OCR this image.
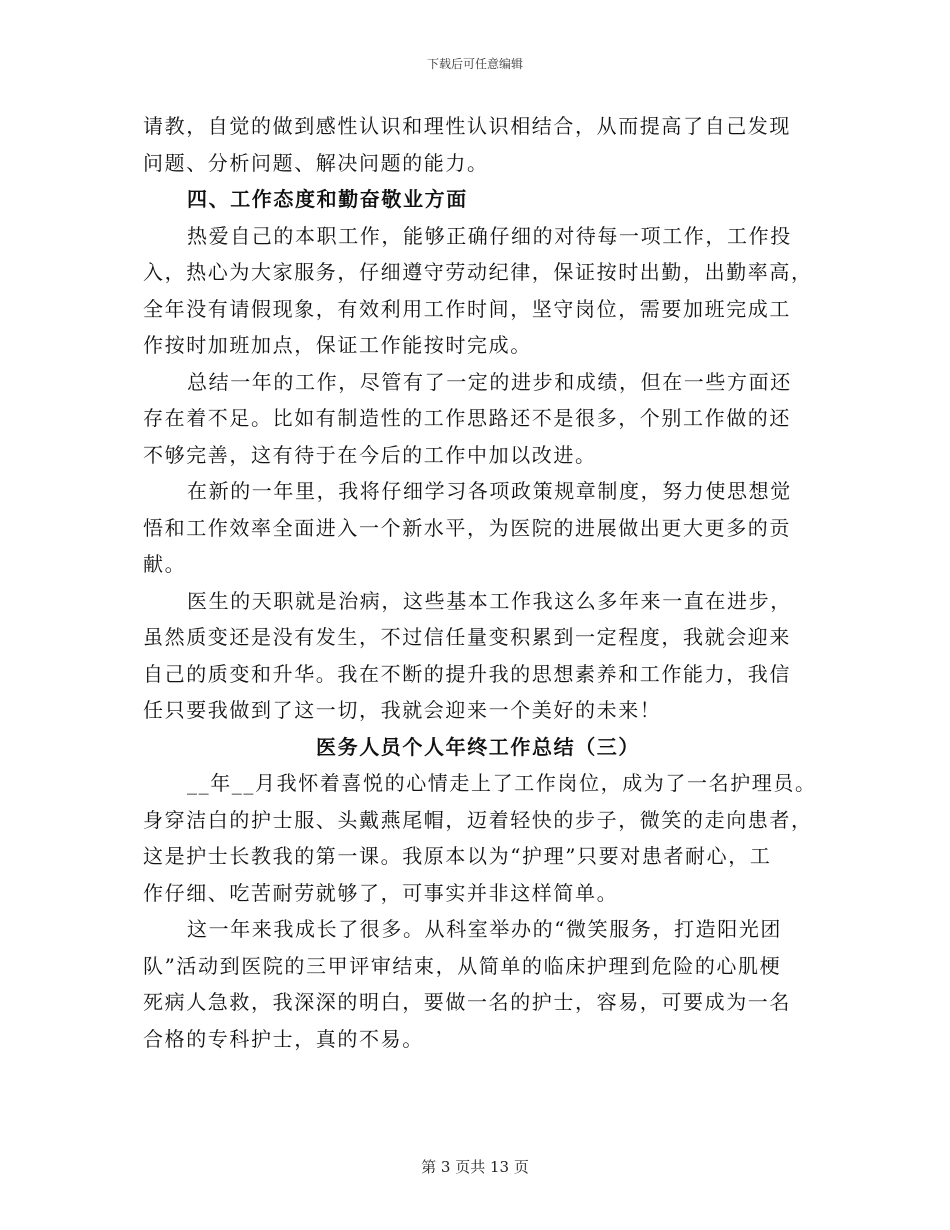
下载后可任意编辑
请教，自觉的做到感性认识和理性认识相结合，从而提高了自己发现
问题、分析问题、解决问题的能力。
四、工作态度和勤奋敬业方面
热爱自己的本职工作，能够正确仔细的对待每一项工作，工作投
入，热心为大家服务，仔细遵守劳动纪律，保证按时出勤，出勤率高，
全年没有请假现象，有效利用工作时间，坚守岗位，需要加班完成工
作按时加班加点，保证工作能按时完成。
总结一年的工作，尽管有了一定的进步和成绩，但在一些方面还
存在着不足。比如有制造性的工作思路还不是很多，个别工作做的还
不够完善，这有待于在今后的工作中加以改进。
在新的一年里，我将仔细学习各项政策规章制度，努力使思想觉
悟和工作效率全面进入一个新水平，为医院的进展做出更大更多的贡
献。
医生的天职就是治病，这些基本工作我这么多年来一直在进步，
虽然质变还是没有发生，不过信任量变积累到一定程度，我就会迎来
自己的质变和升华。我在不断的提升我的思想素养和工作能力，我信
任只要我做到了这一切，我就会迎来一个美好的未来！
医务人员个人年终工作总结（三）
__年__月我怀着喜悦的心情走上了工作岗位，成为了一名护理员。
身穿洁白的护士服、头戴燕尾帽，迈着轻快的步子，微笑的走向患者，
这是护士长教我的第一课。我原本以为“护理”只要对患者耐心，工
作仔细、吃苦耐劳就够了，可事实并非这样简单。
这一年来我成长了很多。从科室举办的“微笑服务，打造阳光团
队”活动到医院的三甲评审结束，从简单的临床护理到危险的心肌梗
死病人急救，我深深的明白，要做一名的护士，容易，可要成为一名
合格的专科护士，真的不易。
第 3 页共 13 页
